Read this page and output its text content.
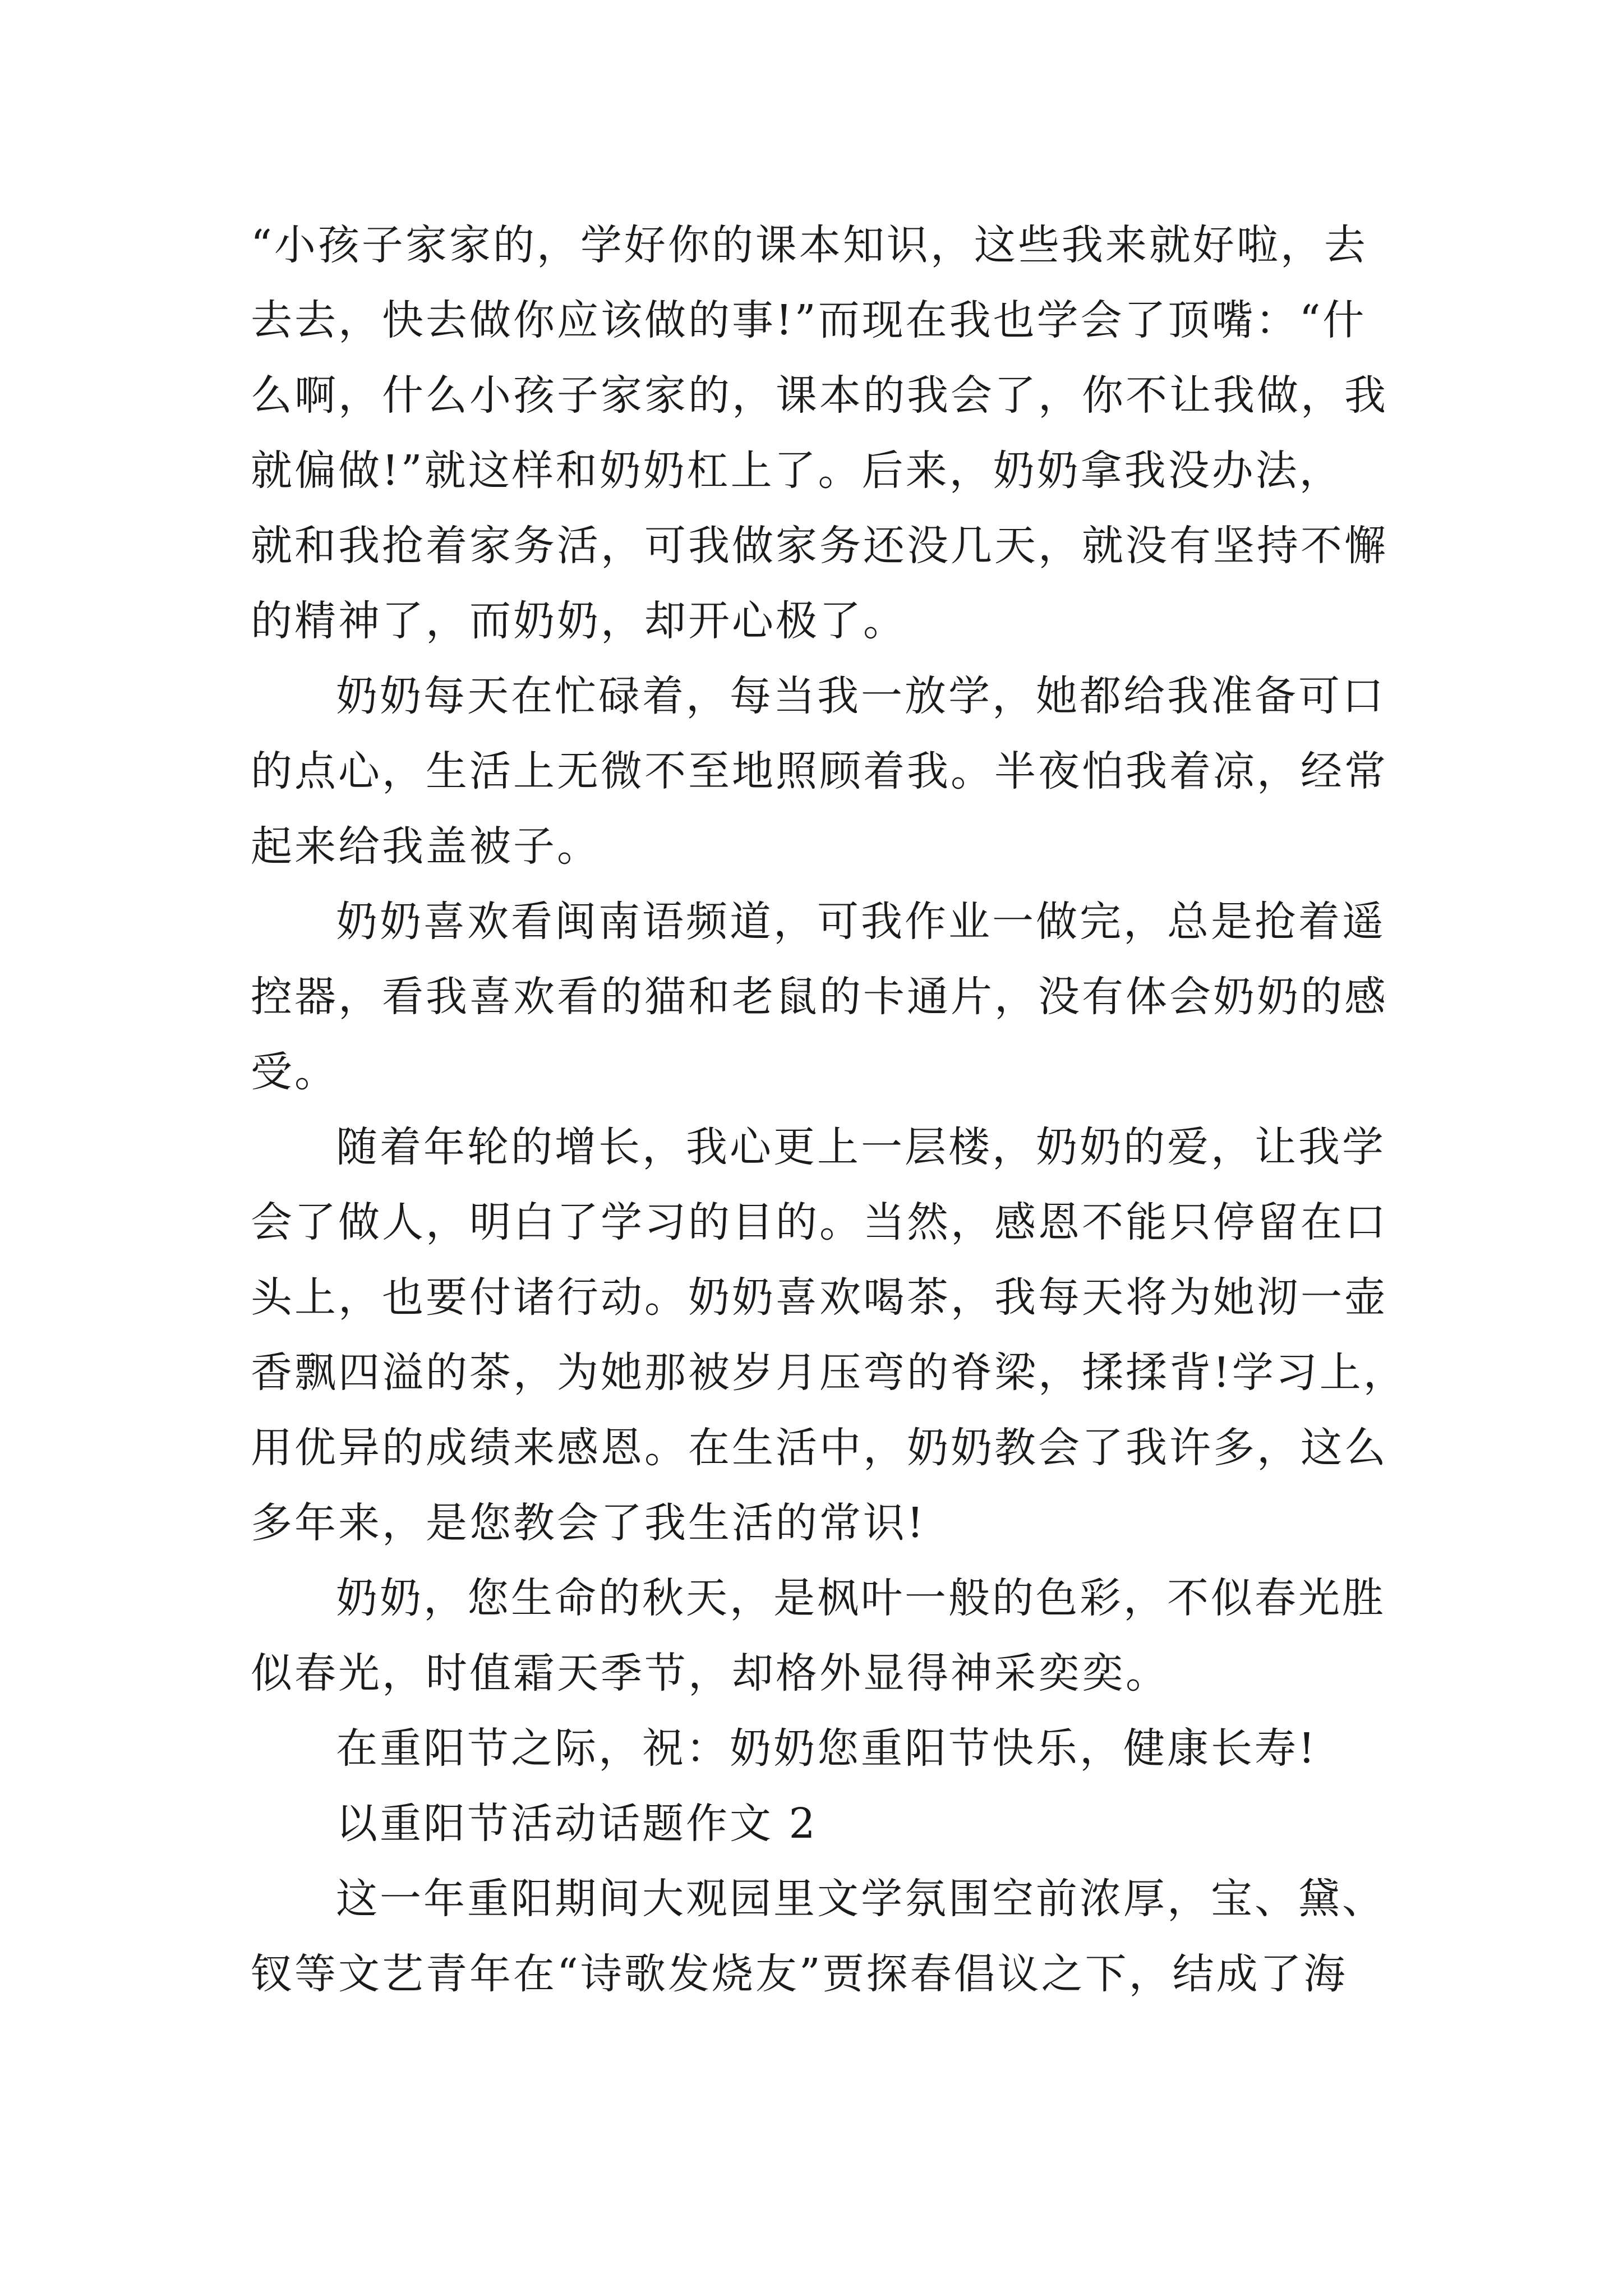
“小孩子家家的，学好你的课本知识，这些我来就好啦，去
去去，快去做你应该做的事!”而现在我也学会了顶嘴：“什
么啊，什么小孩子家家的，课本的我会了，你不让我做，我
就偏做!”就这样和奶奶杠上了。后来，奶奶拿我没办法，
就和我抢着家务活，可我做家务还没几天，就没有坚持不懈
的精神了，而奶奶，却开心极了。
奶奶每天在忙碌着，每当我一放学，她都给我准备可口
的点心，生活上无微不至地照顾着我。半夜怕我着凉，经常
起来给我盖被子。
奶奶喜欢看闽南语频道，可我作业一做完，总是抢着遥
控器，看我喜欢看的猫和老鼠的卡通片，没有体会奶奶的感
受。
随着年轮的增长，我心更上一层楼，奶奶的爱，让我学
会了做人，明白了学习的目的。当然，感恩不能只停留在口
头上，也要付诸行动。奶奶喜欢喝茶，我每天将为她沏一壶
香飘四溢的茶，为她那被岁月压弯的脊梁，揉揉背!学习上，
用优异的成绩来感恩。在生活中，奶奶教会了我许多，这么
多年来，是您教会了我生活的常识!
奶奶，您生命的秋天，是枫叶一般的色彩，不似春光胜
似春光，时值霜天季节，却格外显得神采奕奕。
在重阳节之际，祝：奶奶您重阳节快乐，健康长寿!
以重阳节活动话题作文 2
这一年重阳期间大观园里文学氛围空前浓厚，宝、黛、
钗等文艺青年在“诗歌发烧友”贾探春倡议之下，结成了海
